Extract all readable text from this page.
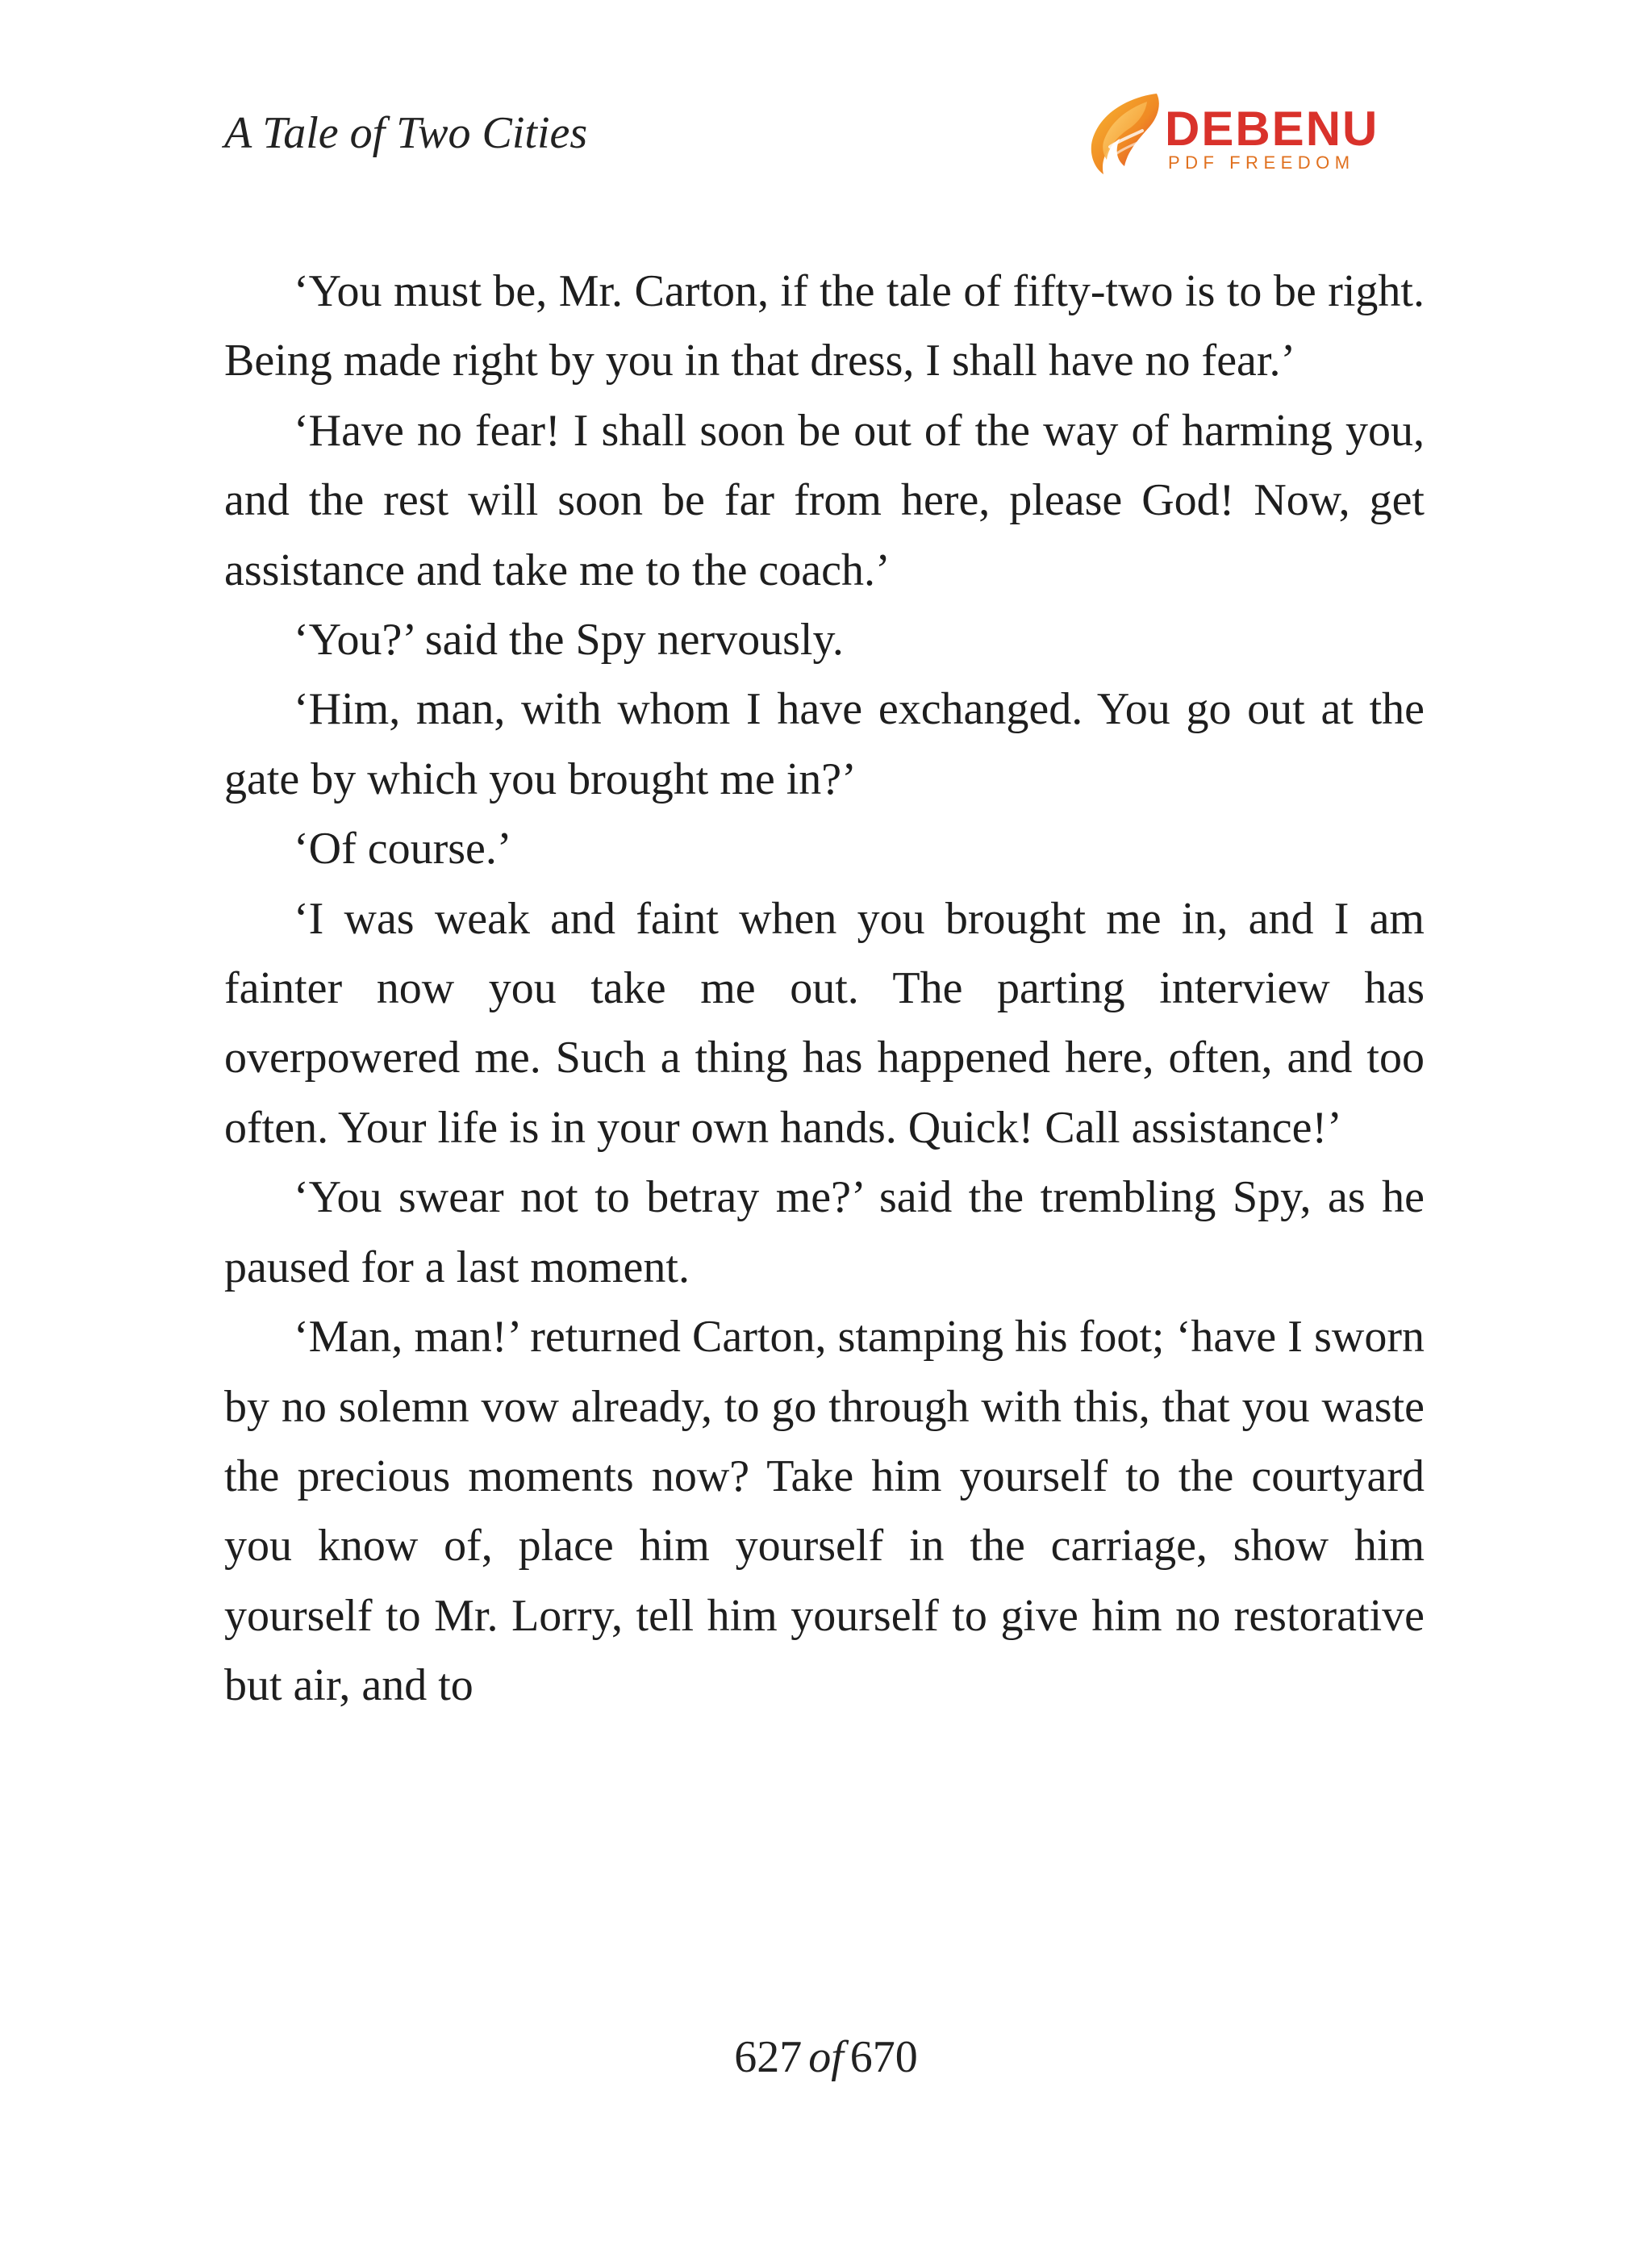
A Tale of Two Cities	DEBENU
PDF FREEDOM

‘You must be, Mr. Carton, if the tale of fifty-two is to be right. Being made right by you in that dress, I shall have no fear.’

‘Have no fear! I shall soon be out of the way of harming you, and the rest will soon be far from here, please God! Now, get assistance and take me to the coach.’

‘You?’ said the Spy nervously.

‘Him, man, with whom I have exchanged. You go out at the gate by which you brought me in?’

‘Of course.’

‘I was weak and faint when you brought me in, and I am fainter now you take me out. The parting interview has overpowered me. Such a thing has happened here, often, and too often. Your life is in your own hands. Quick! Call assistance!’

‘You swear not to betray me?’ said the trembling Spy, as he paused for a last moment.

‘Man, man!’ returned Carton, stamping his foot; ‘have I sworn by no solemn vow already, to go through with this, that you waste the precious moments now? Take him yourself to the courtyard you know of, place him yourself in the carriage, show him yourself to Mr. Lorry, tell him yourself to give him no restorative but air, and to

627 of 670
